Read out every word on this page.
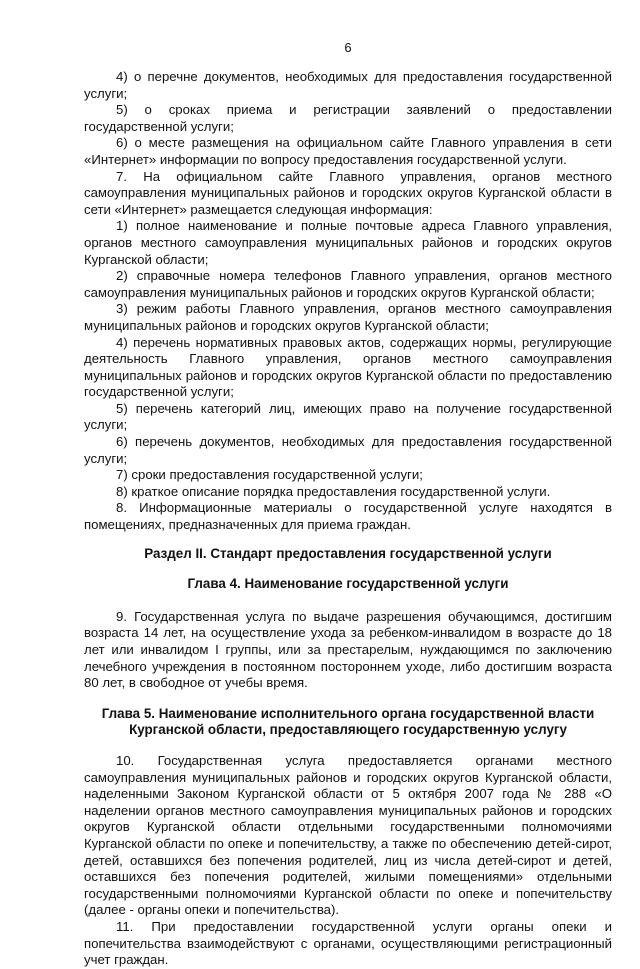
6

4) о перечне документов, необходимых для предоставления государственной услуги;

5) о сроках приема и регистрации заявлений о предоставлении государственной услуги;

6) о месте размещения на официальном сайте Главного управления в сети «Интернет» информации по вопросу предоставления государственной услуги.

7. На официальном сайте Главного управления, органов местного самоуправления муниципальных районов и городских округов Курганской области в сети «Интернет» размещается следующая информация:

1) полное наименование и полные почтовые адреса Главного управления, органов местного самоуправления муниципальных районов и городских округов Курганской области;

2) справочные номера телефонов Главного управления, органов местного самоуправления муниципальных районов и городских округов Курганской области;

3) режим работы Главного управления, органов местного самоуправления муниципальных районов и городских округов Курганской области;

4) перечень нормативных правовых актов, содержащих нормы, регулирующие деятельность Главного управления, органов местного самоуправления муниципальных районов и городских округов Курганской области по предоставлению государственной услуги;

5) перечень категорий лиц, имеющих право на получение государственной услуги;

6) перечень документов, необходимых для предоставления государственной услуги;

7) сроки предоставления государственной услуги;

8) краткое описание порядка предоставления государственной услуги.

8. Информационные материалы о государственной услуге находятся в помещениях, предназначенных для приема граждан.

Раздел II. Стандарт предоставления государственной услуги
Глава 4. Наименование государственной услуги

9. Государственная услуга по выдаче разрешения обучающимся, достигшим возраста 14 лет, на осуществление ухода за ребенком-инвалидом в возрасте до 18 лет или инвалидом I группы, или за престарелым, нуждающимся по заключению лечебного учреждения в постоянном постороннем уходе, либо достигшим возраста 80 лет, в свободное от учебы время.

Глава 5. Наименование исполнительного органа государственной власти
Курганской области, предоставляющего государственную услугу

10. Государственная услуга предоставляется органами местного самоуправления муниципальных районов и городских округов Курганской области, наделенными Законом Курганской области от 5 октября 2007 года № 288 «О наделении органов местного самоуправления муниципальных районов и городских округов Курганской области отдельными государственными полномочиями Курганской области по опеке и попечительству, а также по обеспечению детей-сирот, детей, оставшихся без попечения родителей, лиц из числа детей-сирот и детей, оставшихся без попечения родителей, жилыми помещениями» отдельными государственными полномочиями Курганской области по опеке и попечительству (далее - органы опеки и попечительства).

11. При предоставлении государственной услуги органы опеки и попечительства взаимодействуют с органами, осуществляющими регистрационный учет граждан.
